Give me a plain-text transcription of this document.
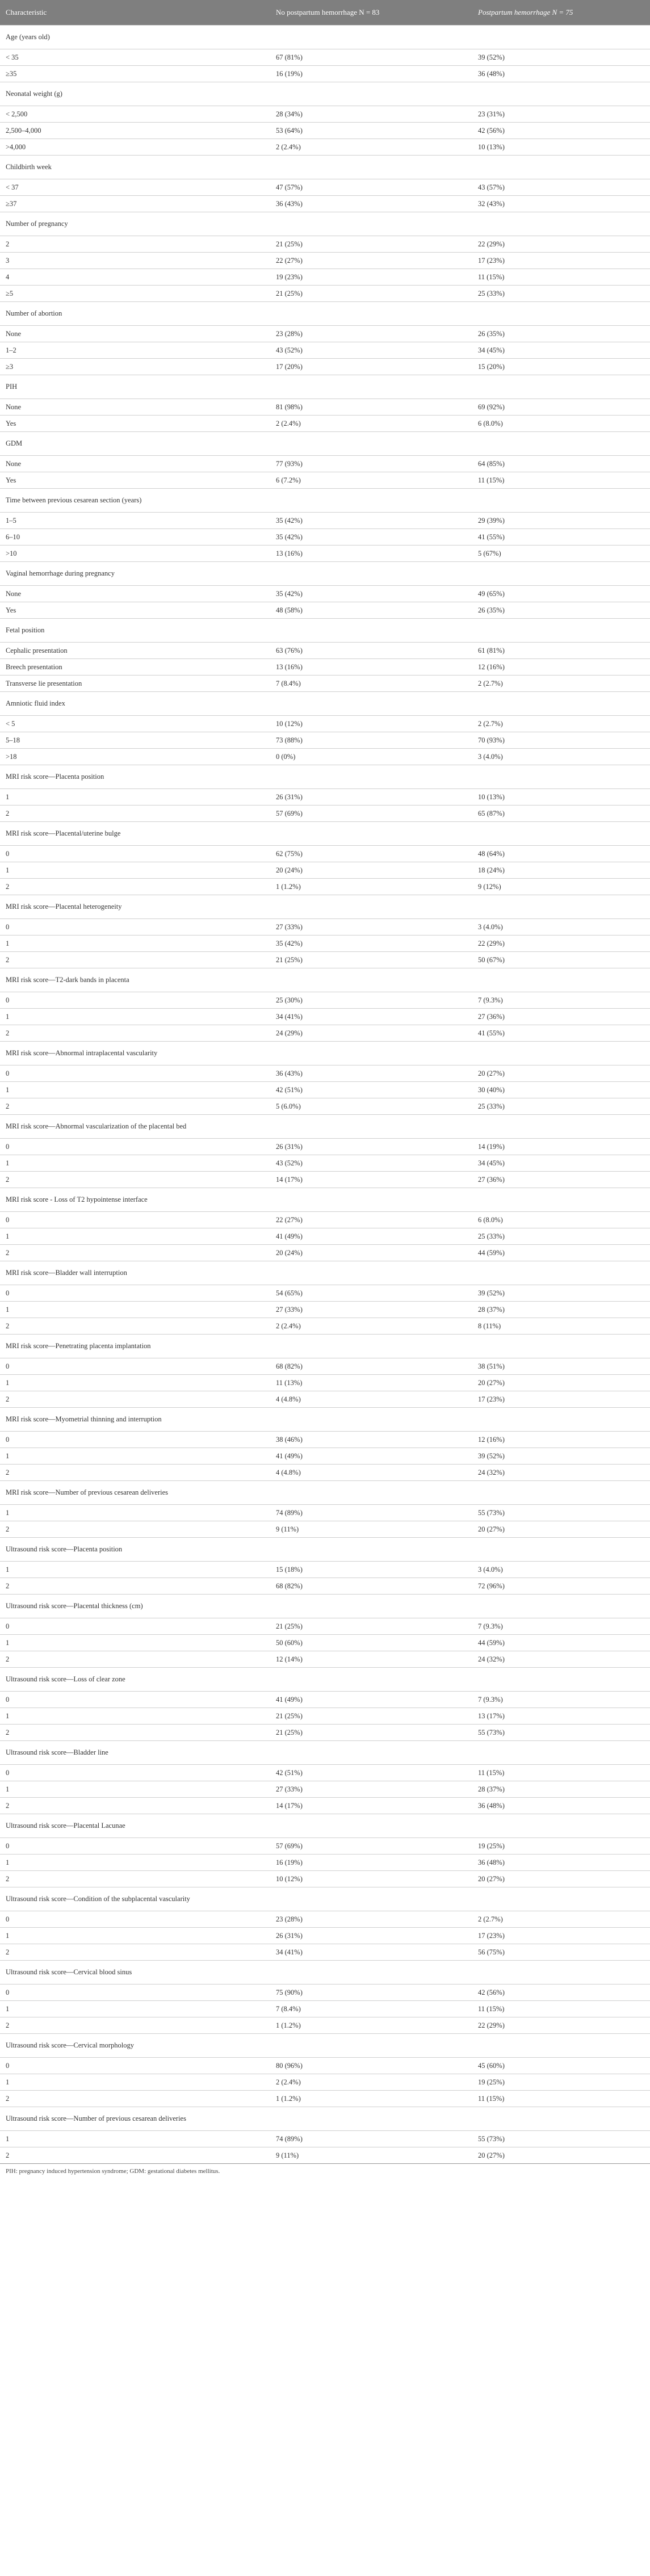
Characteristic	No postpartum hemorrhage N = 83	Postpartum hemorrhage N = 75
Age (years old)		
< 35	67 (81%)	39 (52%)
≥35	16 (19%)	36 (48%)
Neonatal weight (g)		
< 2,500	28 (34%)	23 (31%)
2,500–4,000	53 (64%)	42 (56%)
>4,000	2 (2.4%)	10 (13%)
Childbirth week		
< 37	47 (57%)	43 (57%)
≥37	36 (43%)	32 (43%)
Number of pregnancy		
2	21 (25%)	22 (29%)
3	22 (27%)	17 (23%)
4	19 (23%)	11 (15%)
≥5	21 (25%)	25 (33%)
Number of abortion		
None	23 (28%)	26 (35%)
1–2	43 (52%)	34 (45%)
≥3	17 (20%)	15 (20%)
PIH		
None	81 (98%)	69 (92%)
Yes	2 (2.4%)	6 (8.0%)
GDM		
None	77 (93%)	64 (85%)
Yes	6 (7.2%)	11 (15%)
Time between previous cesarean section (years)		
1–5	35 (42%)	29 (39%)
6–10	35 (42%)	41 (55%)
>10	13 (16%)	5 (67%)
Vaginal hemorrhage during pregnancy		
None	35 (42%)	49 (65%)
Yes	48 (58%)	26 (35%)
Fetal position		
Cephalic presentation	63 (76%)	61 (81%)
Breech presentation	13 (16%)	12 (16%)
Transverse lie presentation	7 (8.4%)	2 (2.7%)
Amniotic fluid index		
< 5	10 (12%)	2 (2.7%)
5–18	73 (88%)	70 (93%)
>18	0 (0%)	3 (4.0%)
MRI risk score—Placenta position		
1	26 (31%)	10 (13%)
2	57 (69%)	65 (87%)
MRI risk score—Placental/uterine bulge		
0	62 (75%)	48 (64%)
1	20 (24%)	18 (24%)
2	1 (1.2%)	9 (12%)
MRI risk score—Placental heterogeneity		
0	27 (33%)	3 (4.0%)
1	35 (42%)	22 (29%)
2	21 (25%)	50 (67%)
MRI risk score—T2-dark bands in placenta		
0	25 (30%)	7 (9.3%)
1	34 (41%)	27 (36%)
2	24 (29%)	41 (55%)
MRI risk score—Abnormal intraplacental vascularity		
0	36 (43%)	20 (27%)
1	42 (51%)	30 (40%)
2	5 (6.0%)	25 (33%)
MRI risk score—Abnormal vascularization of the placental bed		
0	26 (31%)	14 (19%)
1	43 (52%)	34 (45%)
2	14 (17%)	27 (36%)
MRI risk score - Loss of T2 hypointense interface		
0	22 (27%)	6 (8.0%)
1	41 (49%)	25 (33%)
2	20 (24%)	44 (59%)
MRI risk score—Bladder wall interruption		
0	54 (65%)	39 (52%)
1	27 (33%)	28 (37%)
2	2 (2.4%)	8 (11%)
MRI risk score—Penetrating placenta implantation		
0	68 (82%)	38 (51%)
1	11 (13%)	20 (27%)
2	4 (4.8%)	17 (23%)
MRI risk score—Myometrial thinning and interruption		
0	38 (46%)	12 (16%)
1	41 (49%)	39 (52%)
2	4 (4.8%)	24 (32%)
MRI risk score—Number of previous cesarean deliveries		
1	74 (89%)	55 (73%)
2	9 (11%)	20 (27%)
Ultrasound risk score—Placenta position		
1	15 (18%)	3 (4.0%)
2	68 (82%)	72 (96%)
Ultrasound risk score—Placental thickness (cm)		
0	21 (25%)	7 (9.3%)
1	50 (60%)	44 (59%)
2	12 (14%)	24 (32%)
Ultrasound risk score—Loss of clear zone		
0	41 (49%)	7 (9.3%)
1	21 (25%)	13 (17%)
2	21 (25%)	55 (73%)
Ultrasound risk score—Bladder line		
0	42 (51%)	11 (15%)
1	27 (33%)	28 (37%)
2	14 (17%)	36 (48%)
Ultrasound risk score—Placental Lacunae		
0	57 (69%)	19 (25%)
1	16 (19%)	36 (48%)
2	10 (12%)	20 (27%)
Ultrasound risk score—Condition of the subplacental vascularity		
0	23 (28%)	2 (2.7%)
1	26 (31%)	17 (23%)
2	34 (41%)	56 (75%)
Ultrasound risk score—Cervical blood sinus		
0	75 (90%)	42 (56%)
1	7 (8.4%)	11 (15%)
2	1 (1.2%)	22 (29%)
Ultrasound risk score—Cervical morphology		
0	80 (96%)	45 (60%)
1	2 (2.4%)	19 (25%)
2	1 (1.2%)	11 (15%)
Ultrasound risk score—Number of previous cesarean deliveries		
1	74 (89%)	55 (73%)
2	9 (11%)	20 (27%)
PIH: pregnancy induced hypertension syndrome; GDM: gestational diabetes mellitus.		
